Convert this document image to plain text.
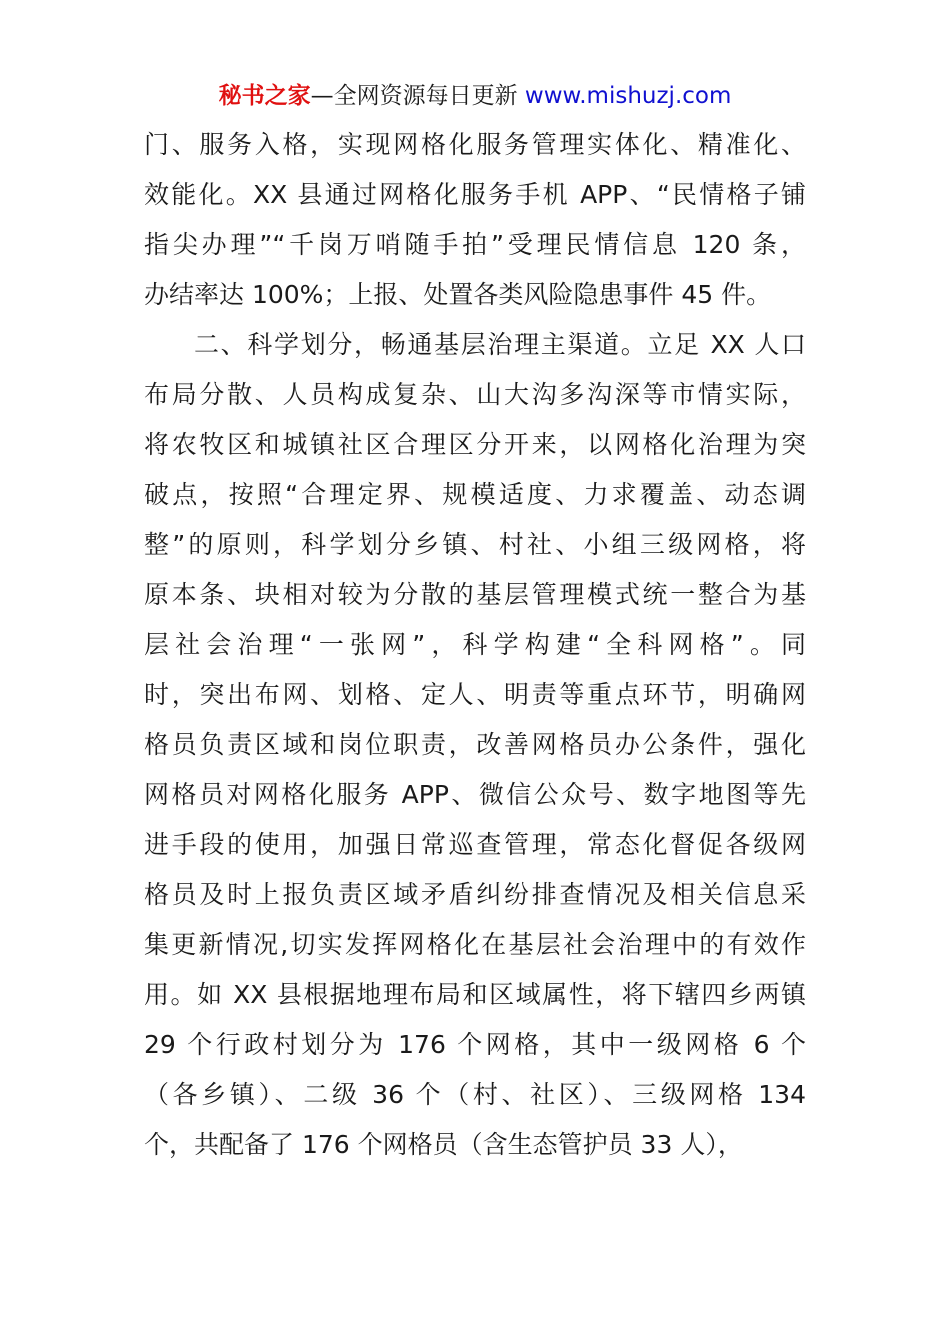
秘书之家—全网资源每日更新 www.mishuzj.com
门、服务入格，实现网格化服务管理实体化、精准化、
效能化。XX 县通过网格化服务手机 APP、“民情格子铺
指尖办理”“千岗万哨随手拍”受理民情信息 120 条，
办结率达 100%；上报、处置各类风险隐患事件 45 件。
二、科学划分，畅通基层治理主渠道。立足 XX 人口
布局分散、人员构成复杂、山大沟多沟深等市情实际，
将农牧区和城镇社区合理区分开来，以网格化治理为突
破点，按照“合理定界、规模适度、力求覆盖、动态调
整”的原则，科学划分乡镇、村社、小组三级网格，将
原本条、块相对较为分散的基层管理模式统一整合为基
层社会治理“一张网”，科学构建“全科网格”。同
时，突出布网、划格、定人、明责等重点环节，明确网
格员负责区域和岗位职责，改善网格员办公条件，强化
网格员对网格化服务 APP、微信公众号、数字地图等先
进手段的使用，加强日常巡查管理，常态化督促各级网
格员及时上报负责区域矛盾纠纷排查情况及相关信息采
集更新情况,切实发挥网格化在基层社会治理中的有效作
用。如 XX 县根据地理布局和区域属性，将下辖四乡两镇
29 个行政村划分为 176 个网格，其中一级网格 6 个
（各乡镇）、二级 36 个（村、社区）、三级网格 134
个，共配备了 176 个网格员（含生态管护员 33 人），
